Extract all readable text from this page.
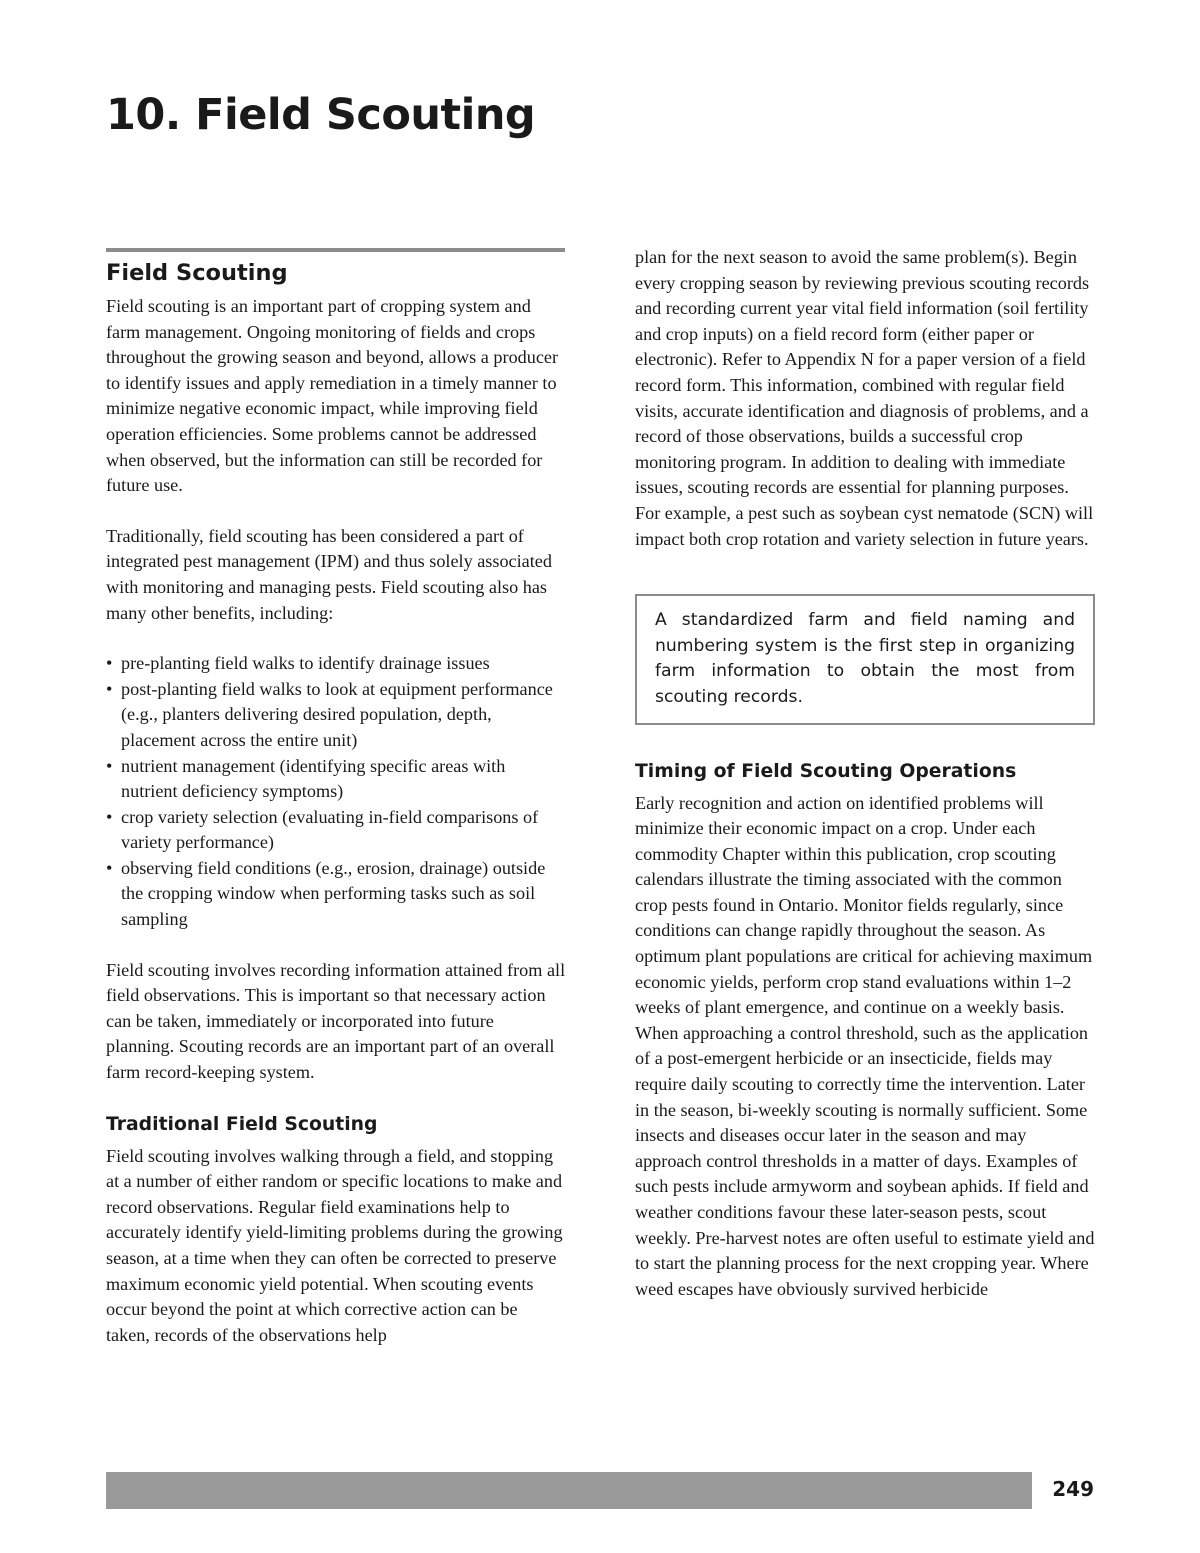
10. Field Scouting
Field Scouting

Field scouting is an important part of cropping system and farm management. Ongoing monitoring of fields and crops throughout the growing season and beyond, allows a producer to identify issues and apply remediation in a timely manner to minimize negative economic impact, while improving field operation efficiencies. Some problems cannot be addressed when observed, but the information can still be recorded for future use.

Traditionally, field scouting has been considered a part of integrated pest management (IPM) and thus solely associated with monitoring and managing pests. Field scouting also has many other benefits, including:

• pre-planting field walks to identify drainage issues
• post-planting field walks to look at equipment performance (e.g., planters delivering desired population, depth, placement across the entire unit)
• nutrient management (identifying specific areas with nutrient deficiency symptoms)
• crop variety selection (evaluating in-field comparisons of variety performance)
• observing field conditions (e.g., erosion, drainage) outside the cropping window when performing tasks such as soil sampling

Field scouting involves recording information attained from all field observations. This is important so that necessary action can be taken, immediately or incorporated into future planning. Scouting records are an important part of an overall farm record-keeping system.

Traditional Field Scouting

Field scouting involves walking through a field, and stopping at a number of either random or specific locations to make and record observations. Regular field examinations help to accurately identify yield-limiting problems during the growing season, at a time when they can often be corrected to preserve maximum economic yield potential. When scouting events occur beyond the point at which corrective action can be taken, records of the observations help

plan for the next season to avoid the same problem(s). Begin every cropping season by reviewing previous scouting records and recording current year vital field information (soil fertility and crop inputs) on a field record form (either paper or electronic). Refer to Appendix N for a paper version of a field record form. This information, combined with regular field visits, accurate identification and diagnosis of problems, and a record of those observations, builds a successful crop monitoring program. In addition to dealing with immediate issues, scouting records are essential for planning purposes. For example, a pest such as soybean cyst nematode (SCN) will impact both crop rotation and variety selection in future years.

A standardized farm and field naming and numbering system is the first step in organizing farm information to obtain the most from scouting records.
Timing of Field Scouting Operations

Early recognition and action on identified problems will minimize their economic impact on a crop. Under each commodity Chapter within this publication, crop scouting calendars illustrate the timing associated with the common crop pests found in Ontario. Monitor fields regularly, since conditions can change rapidly throughout the season. As optimum plant populations are critical for achieving maximum economic yields, perform crop stand evaluations within 1–2 weeks of plant emergence, and continue on a weekly basis. When approaching a control threshold, such as the application of a post-emergent herbicide or an insecticide, fields may require daily scouting to correctly time the intervention. Later in the season, bi-weekly scouting is normally sufficient. Some insects and diseases occur later in the season and may approach control thresholds in a matter of days. Examples of such pests include armyworm and soybean aphids. If field and weather conditions favour these later-season pests, scout weekly. Pre-harvest notes are often useful to estimate yield and to start the planning process for the next cropping year. Where weed escapes have obviously survived herbicide

249
